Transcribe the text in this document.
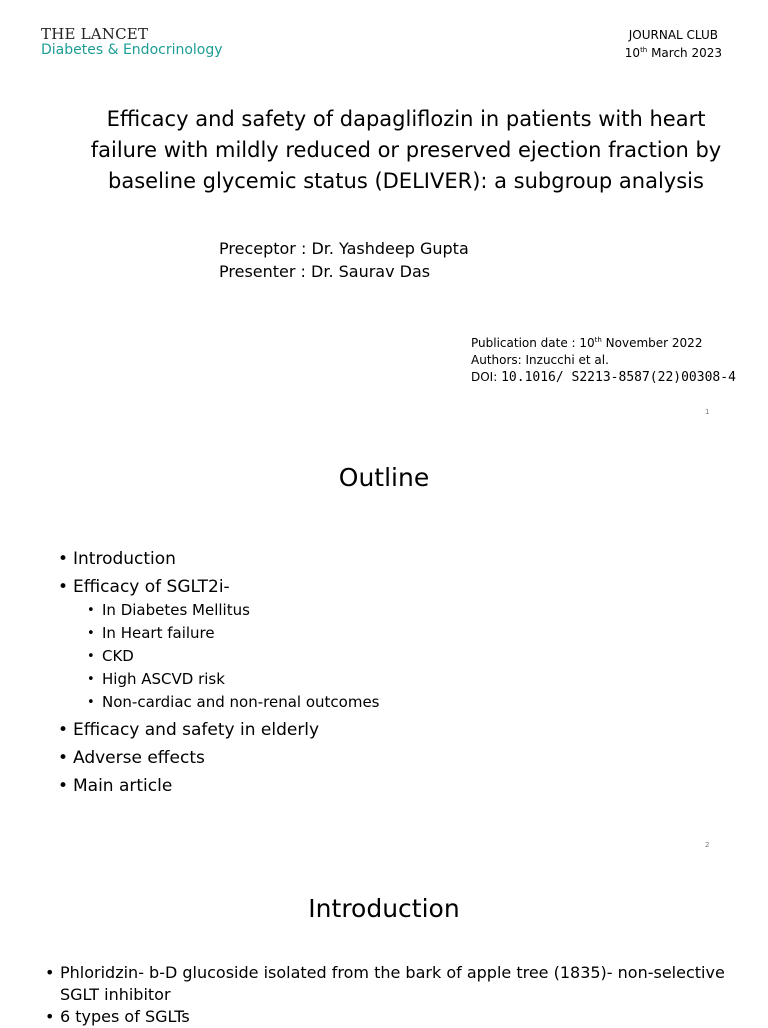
THE LANCET
Diabetes & Endocrinology
JOURNAL CLUB
10th March 2023
Efficacy and safety of dapagliflozin in patients with heart failure with mildly reduced or preserved ejection fraction by baseline glycemic status (DELIVER): a subgroup analysis
Preceptor : Dr. Yashdeep Gupta
Presenter : Dr. Saurav Das
Publication date : 10th November 2022
Authors: Inzucchi et al.
DOI: 10.1016/ S2213-8587(22)00308-4
1
Outline
• Introduction
• Efficacy of SGLT2i-
• In Diabetes Mellitus
• In Heart failure
• CKD
• High ASCVD risk
• Non-cardiac and non-renal outcomes
• Efficacy and safety in elderly
• Adverse effects
• Main article
2
Introduction
• Phloridzin- b-D glucoside isolated from the bark of apple tree (1835)- non-selective SGLT inhibitor
• 6 types of SGLTs
